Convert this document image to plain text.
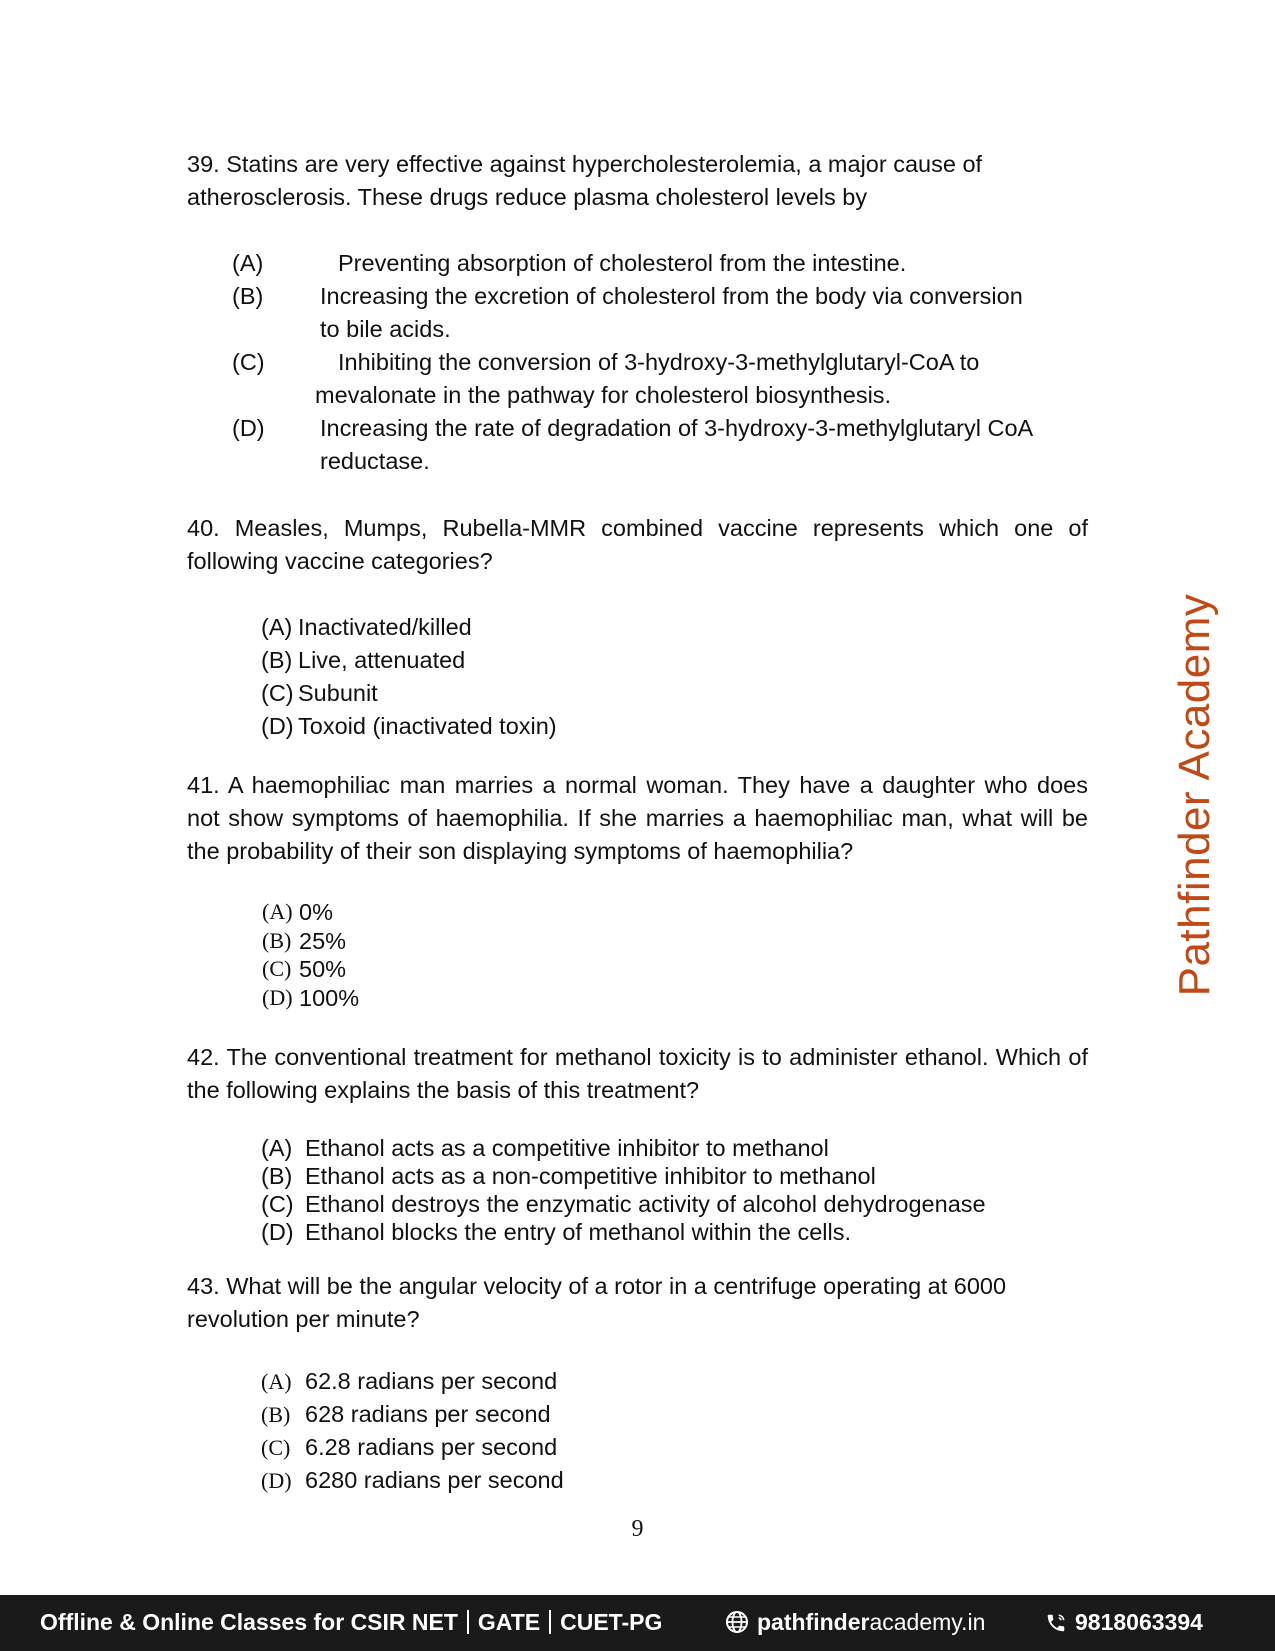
39. Statins are very effective against hypercholesterolemia, a major cause of atherosclerosis. These drugs reduce plasma cholesterol levels by

(A)	Preventing absorption of cholesterol from the intestine.
(B) Increasing the excretion of cholesterol from the body via conversion
to bile acids.
(C)	Inhibiting the conversion of 3-hydroxy-3-methylglutaryl-CoA to
mevalonate in the pathway for cholesterol biosynthesis.
(D) Increasing the rate of degradation of 3-hydroxy-3-methylglutaryl CoA
reductase.

40. Measles, Mumps, Rubella-MMR combined vaccine represents which one of following vaccine categories?

(A) Inactivated/killed
(B) Live, attenuated
(C) Subunit
(D) Toxoid (inactivated toxin)

41. A haemophiliac man marries a normal woman. They have a daughter who does not show symptoms of haemophilia. If she marries a haemophiliac man, what will be the probability of their son displaying symptoms of haemophilia?

(A) 0%
(B) 25%
(C) 50%
(D) 100%

42. The conventional treatment for methanol toxicity is to administer ethanol. Which of the following explains the basis of this treatment?

(A) Ethanol acts as a competitive inhibitor to methanol
(B) Ethanol acts as a non-competitive inhibitor to methanol
(C) Ethanol destroys the enzymatic activity of alcohol dehydrogenase
(D) Ethanol blocks the entry of methanol within the cells.

43. What will be the angular velocity of a rotor in a centrifuge operating at 6000 revolution per minute?

(A) 62.8 radians per second
(B) 628 radians per second
(C) 6.28 radians per second
(D) 6280 radians per second
Pathfinder Academy
9
Offline & Online Classes for CSIR NET GATE CUET-PG	pathfinderacademy.in	9818063394
